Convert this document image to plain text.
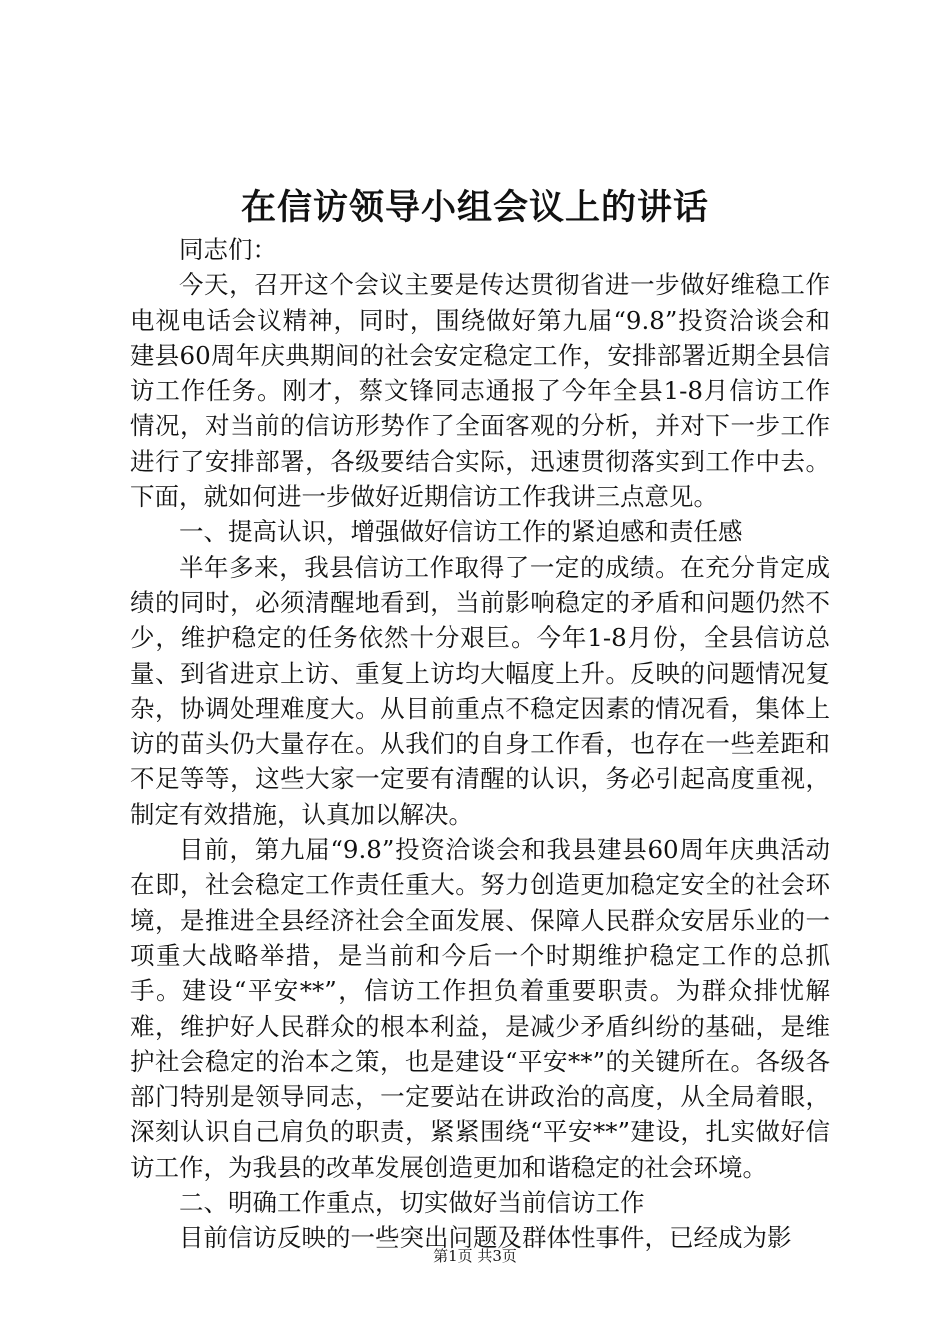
在信访领导小组会议上的讲话

同志们：

今天，召开这个会议主要是传达贯彻省进一步做好维稳工作电视电话会议精神，同时，围绕做好第九届“9.8”投资洽谈会和建县60周年庆典期间的社会安定稳定工作，安排部署近期全县信访工作任务。刚才，蔡文锋同志通报了今年全县1-8月信访工作情况，对当前的信访形势作了全面客观的分析，并对下一步工作进行了安排部署，各级要结合实际，迅速贯彻落实到工作中去。下面，就如何进一步做好近期信访工作我讲三点意见。

一、提高认识，增强做好信访工作的紧迫感和责任感

半年多来，我县信访工作取得了一定的成绩。在充分肯定成绩的同时，必须清醒地看到，当前影响稳定的矛盾和问题仍然不少，维护稳定的任务依然十分艰巨。今年1-8月份，全县信访总量、到省进京上访、重复上访均大幅度上升。反映的问题情况复杂，协调处理难度大。从目前重点不稳定因素的情况看，集体上访的苗头仍大量存在。从我们的自身工作看，也存在一些差距和不足等等，这些大家一定要有清醒的认识，务必引起高度重视，制定有效措施，认真加以解决。

目前，第九届“9.8”投资洽谈会和我县建县60周年庆典活动在即，社会稳定工作责任重大。努力创造更加稳定安全的社会环境，是推进全县经济社会全面发展、保障人民群众安居乐业的一项重大战略举措，是当前和今后一个时期维护稳定工作的总抓手。建设“平安**”，信访工作担负着重要职责。为群众排忧解难，维护好人民群众的根本利益，是减少矛盾纠纷的基础，是维护社会稳定的治本之策，也是建设“平安**”的关键所在。各级各部门特别是领导同志，一定要站在讲政治的高度，从全局着眼，深刻认识自己肩负的职责，紧紧围绕“平安**”建设，扎实做好信访工作，为我县的改革发展创造更加和谐稳定的社会环境。

二、明确工作重点，切实做好当前信访工作

目前信访反映的一些突出问题及群体性事件，已经成为影

第1页 共3页
